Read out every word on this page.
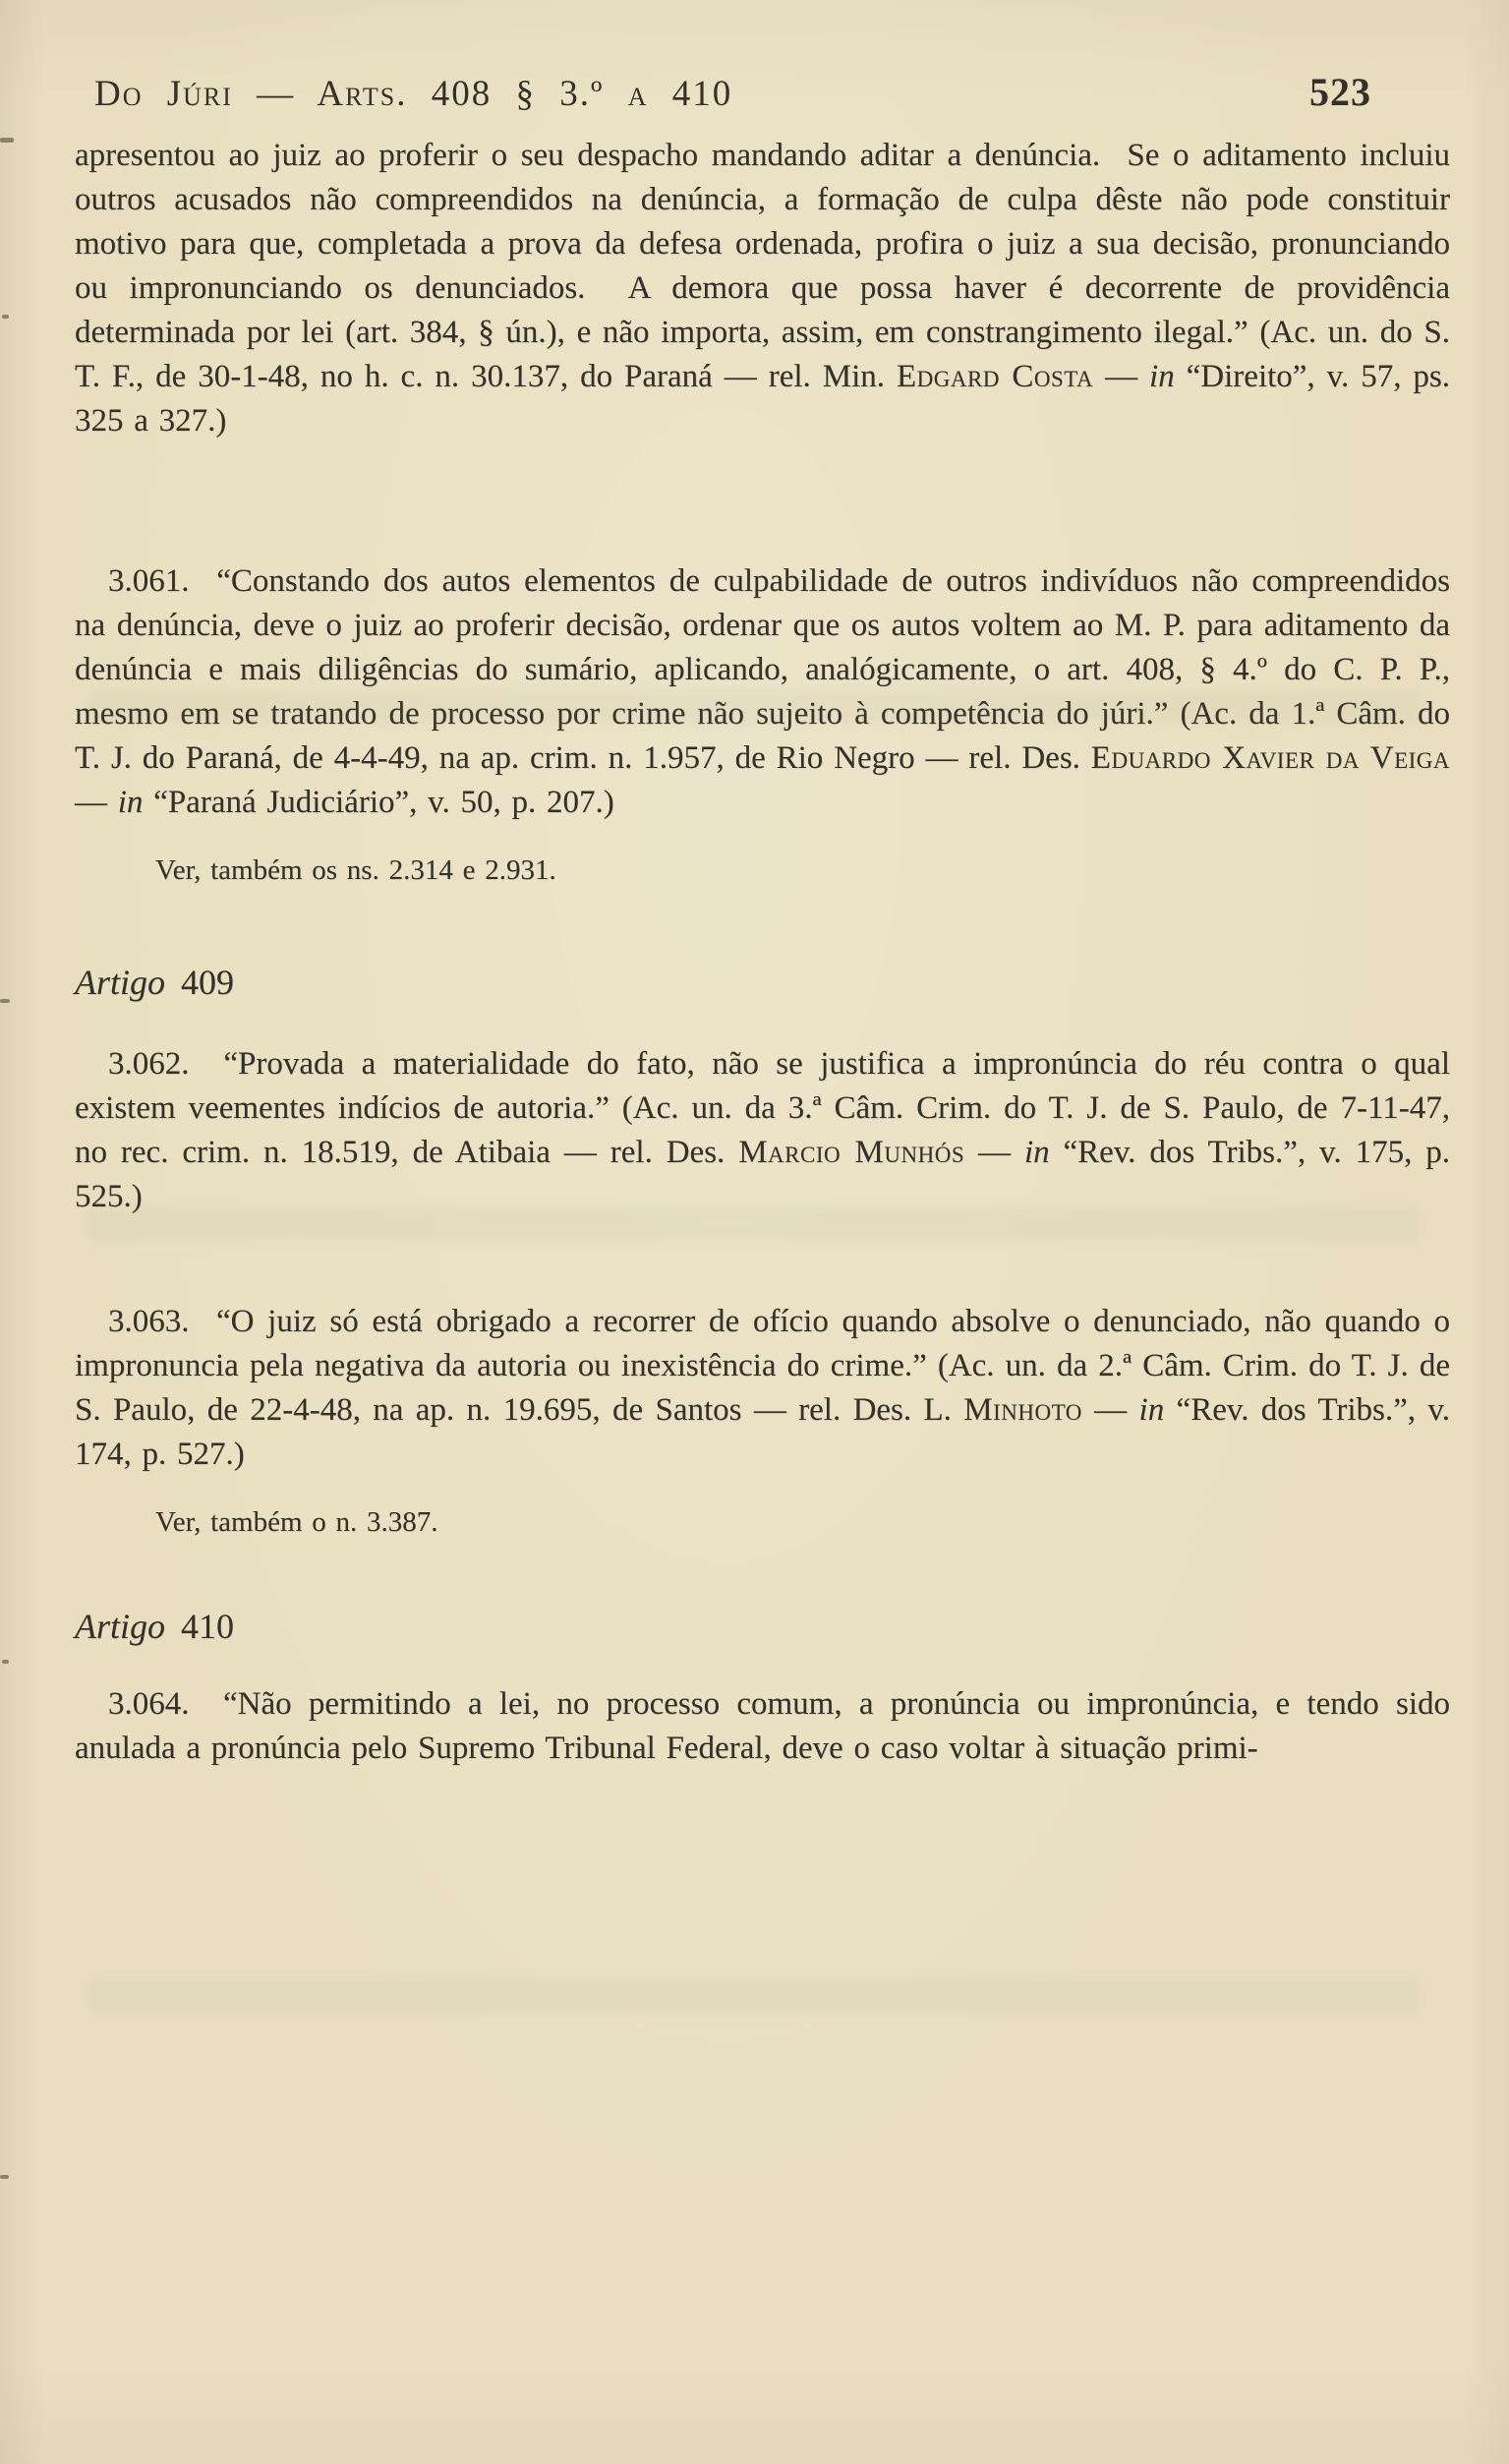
Do Júri — Arts. 408 § 3.º a 410	523

apresentou ao juiz ao proferir o seu despacho mandando aditar a denúncia.  Se o aditamento incluiu outros acusados não compreendidos na denúncia, a formação de culpa dêste não pode constituir motivo para que, completada a prova da defesa ordenada, profira o juiz a sua decisão, pronunciando ou impronunciando os denunciados.  A demora que possa haver é decorrente de providência determinada por lei (art. 384, § ún.), e não importa, assim, em constrangimento ilegal.” (Ac. un. do S. T. F., de 30-1-48, no h. c. n. 30.137, do Paraná — rel. Min. Edgard Costa — in “Direito”, v. 57, ps. 325 a 327.)

3.061.  “Constando dos autos elementos de culpabilidade de outros indivíduos não compreendidos na denúncia, deve o juiz ao proferir decisão, ordenar que os autos voltem ao M. P. para aditamento da denúncia e mais diligências do sumário, aplicando, analógicamente, o art. 408, § 4.º do C. P. P., mesmo em se tratando de processo por crime não sujeito à competência do júri.” (Ac. da 1.ª Câm. do T. J. do Paraná, de 4-4-49, na ap. crim. n. 1.957, de Rio Negro — rel. Des. Eduardo Xavier da Veiga — in “Paraná Judiciário”, v. 50, p. 207.)

Ver, também os ns. 2.314 e 2.931.

Artigo 409

3.062.  “Provada a materialidade do fato, não se justifica a impronúncia do réu contra o qual existem veementes indícios de autoria.” (Ac. un. da 3.ª Câm. Crim. do T. J. de S. Paulo, de 7-11-47, no rec. crim. n. 18.519, de Atibaia — rel. Des. Marcio Munhós — in “Rev. dos Tribs.”, v. 175, p. 525.)

3.063.  “O juiz só está obrigado a recorrer de ofício quando absolve o denunciado, não quando o impronuncia pela negativa da autoria ou inexistência do crime.” (Ac. un. da 2.ª Câm. Crim. do T. J. de S. Paulo, de 22-4-48, na ap. n. 19.695, de Santos — rel. Des. L. Minhoto — in “Rev. dos Tribs.”, v. 174, p. 527.)

Ver, também o n. 3.387.

Artigo 410

3.064.  “Não permitindo a lei, no processo comum, a pronúncia ou impronúncia, e tendo sido anulada a pronúncia pelo Supremo Tribunal Federal, deve o caso voltar à situação primi-
